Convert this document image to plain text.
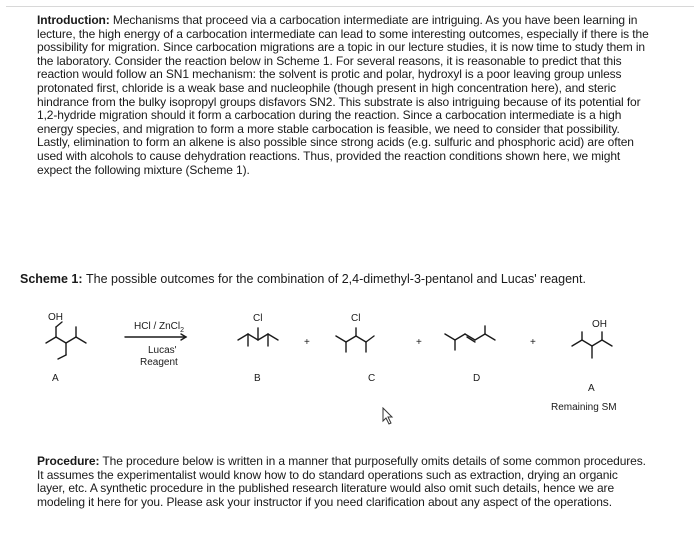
Introduction: Mechanisms that proceed via a carbocation intermediate are intriguing. As you have been learning in lecture, the high energy of a carbocation intermediate can lead to some interesting outcomes, especially if there is the possibility for migration. Since carbocation migrations are a topic in our lecture studies, it is now time to study them in the laboratory. Consider the reaction below in Scheme 1. For several reasons, it is reasonable to predict that this reaction would follow an SN1 mechanism: the solvent is protic and polar, hydroxyl is a poor leaving group unless protonated first, chloride is a weak base and nucleophile (though present in high concentration here), and steric hindrance from the bulky isopropyl groups disfavors SN2. This substrate is also intriguing because of its potential for 1,2-hydride migration should it form a carbocation during the reaction. Since a carbocation intermediate is a high energy species, and migration to form a more stable carbocation is feasible, we need to consider that possibility. Lastly, elimination to form an alkene is also possible since strong acids (e.g. sulfuric and phosphoric acid) are often used with alcohols to cause dehydration reactions. Thus, provided the reaction conditions shown here, we might expect the following mixture (Scheme 1).
Scheme 1: The possible outcomes for the combination of 2,4-dimethyl-3-pentanol and Lucas' reagent.
OH
HCl / ZnCl$_2$
Lucas'
Reagent
Cl
+
Cl
+	+
OH
A	B	C	D
A
Remaining SM
Procedure: The procedure below is written in a manner that purposefully omits details of some common procedures. It assumes the experimentalist would know how to do standard operations such as extraction, drying an organic layer, etc. A synthetic procedure in the published research literature would also omit such details, hence we are modeling it here for you. Please ask your instructor if you need clarification about any aspect of the operations.
